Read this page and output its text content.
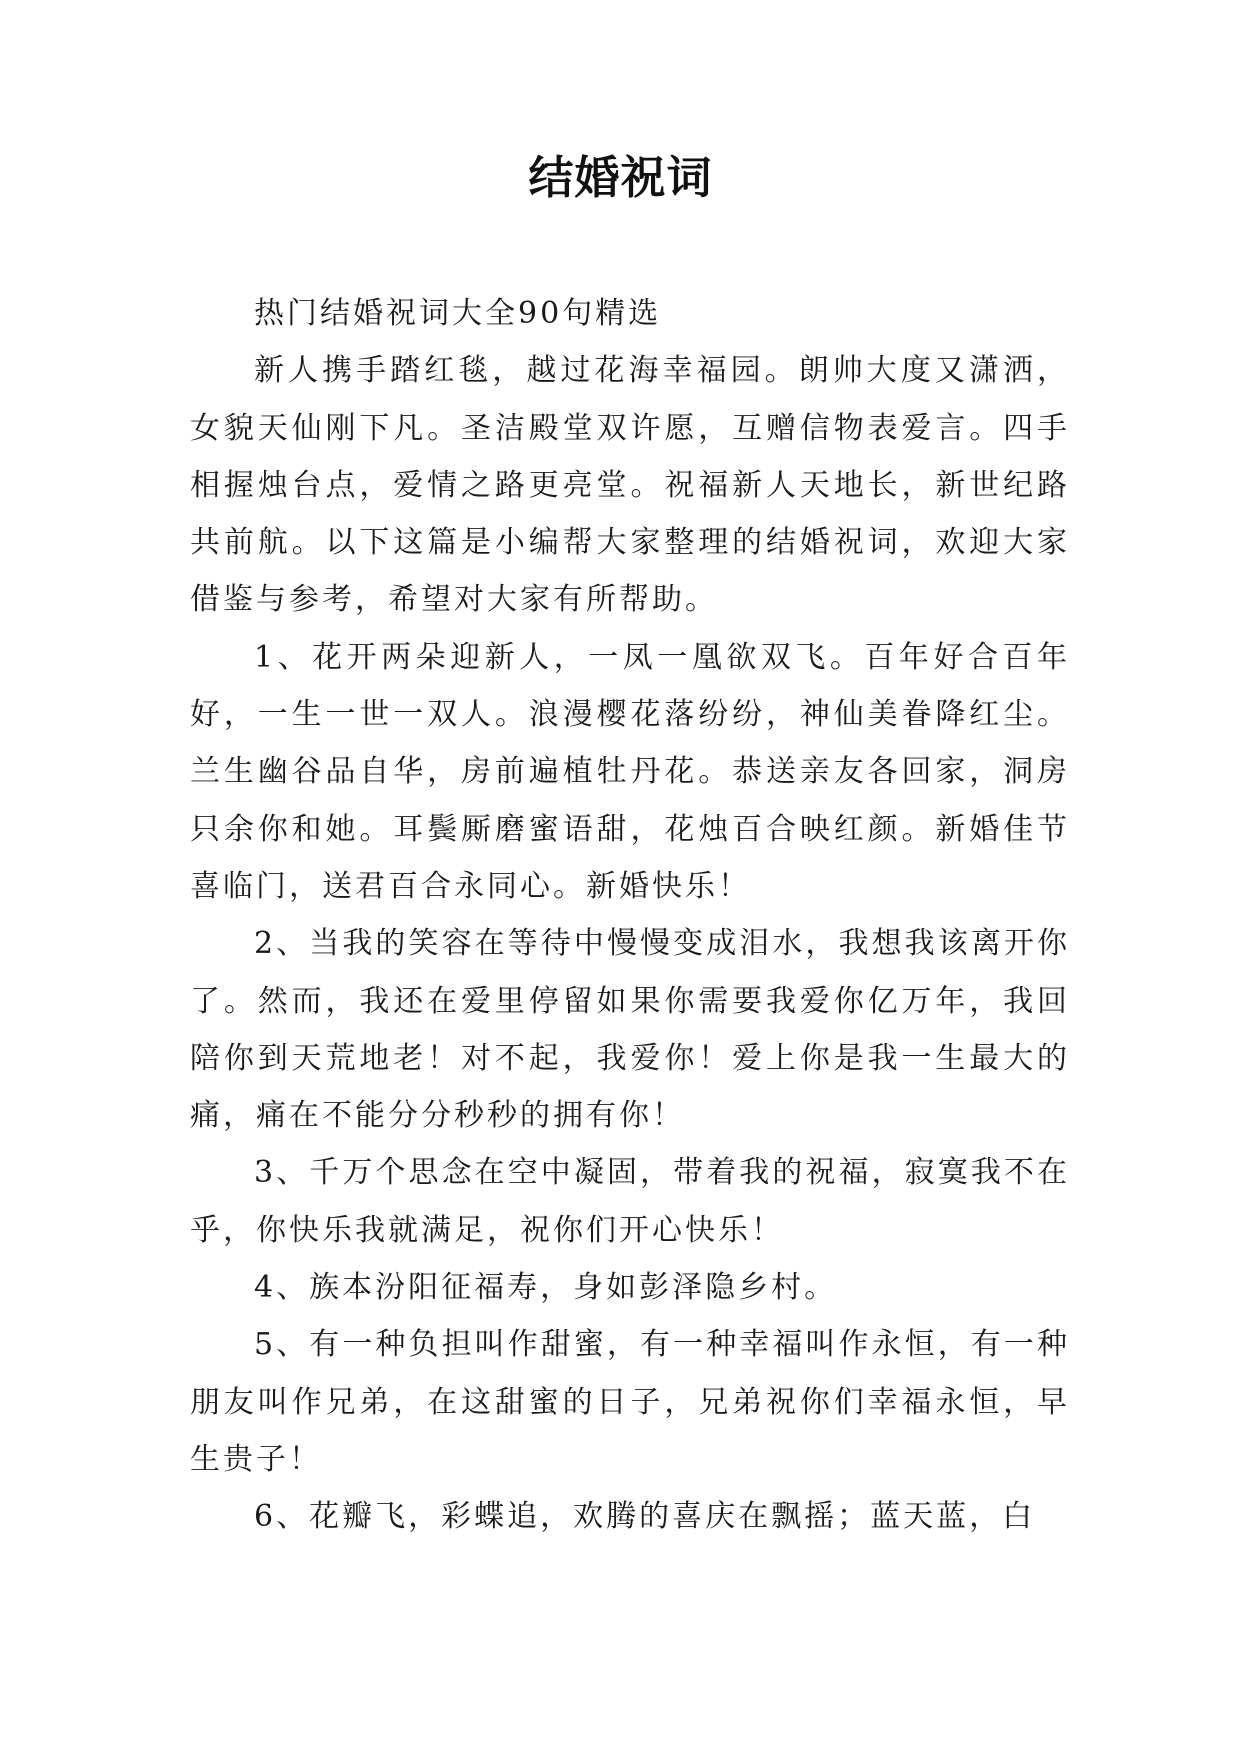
结婚祝词

热门结婚祝词大全90句精选

新人携手踏红毯，越过花海幸福园。朗帅大度又潇洒，女貌天仙刚下凡。圣洁殿堂双许愿，互赠信物表爱言。四手相握烛台点，爱情之路更亮堂。祝福新人天地长，新世纪路共前航。以下这篇是小编帮大家整理的结婚祝词，欢迎大家借鉴与参考，希望对大家有所帮助。

1、花开两朵迎新人，一凤一凰欲双飞。百年好合百年好，一生一世一双人。浪漫樱花落纷纷，神仙美眷降红尘。兰生幽谷品自华，房前遍植牡丹花。恭送亲友各回家，洞房只余你和她。耳鬓厮磨蜜语甜，花烛百合映红颜。新婚佳节喜临门，送君百合永同心。新婚快乐！

2、当我的笑容在等待中慢慢变成泪水，我想我该离开你了。然而，我还在爱里停留如果你需要我爱你亿万年，我回陪你到天荒地老！对不起，我爱你！爱上你是我一生最大的痛，痛在不能分分秒秒的拥有你！

3、千万个思念在空中凝固，带着我的祝福，寂寞我不在乎，你快乐我就满足，祝你们开心快乐！

4、族本汾阳征福寿，身如彭泽隐乡村。

5、有一种负担叫作甜蜜，有一种幸福叫作永恒，有一种朋友叫作兄弟，在这甜蜜的日子，兄弟祝你们幸福永恒，早生贵子！

6、花瓣飞，彩蝶追，欢腾的喜庆在飘摇；蓝天蓝，白
